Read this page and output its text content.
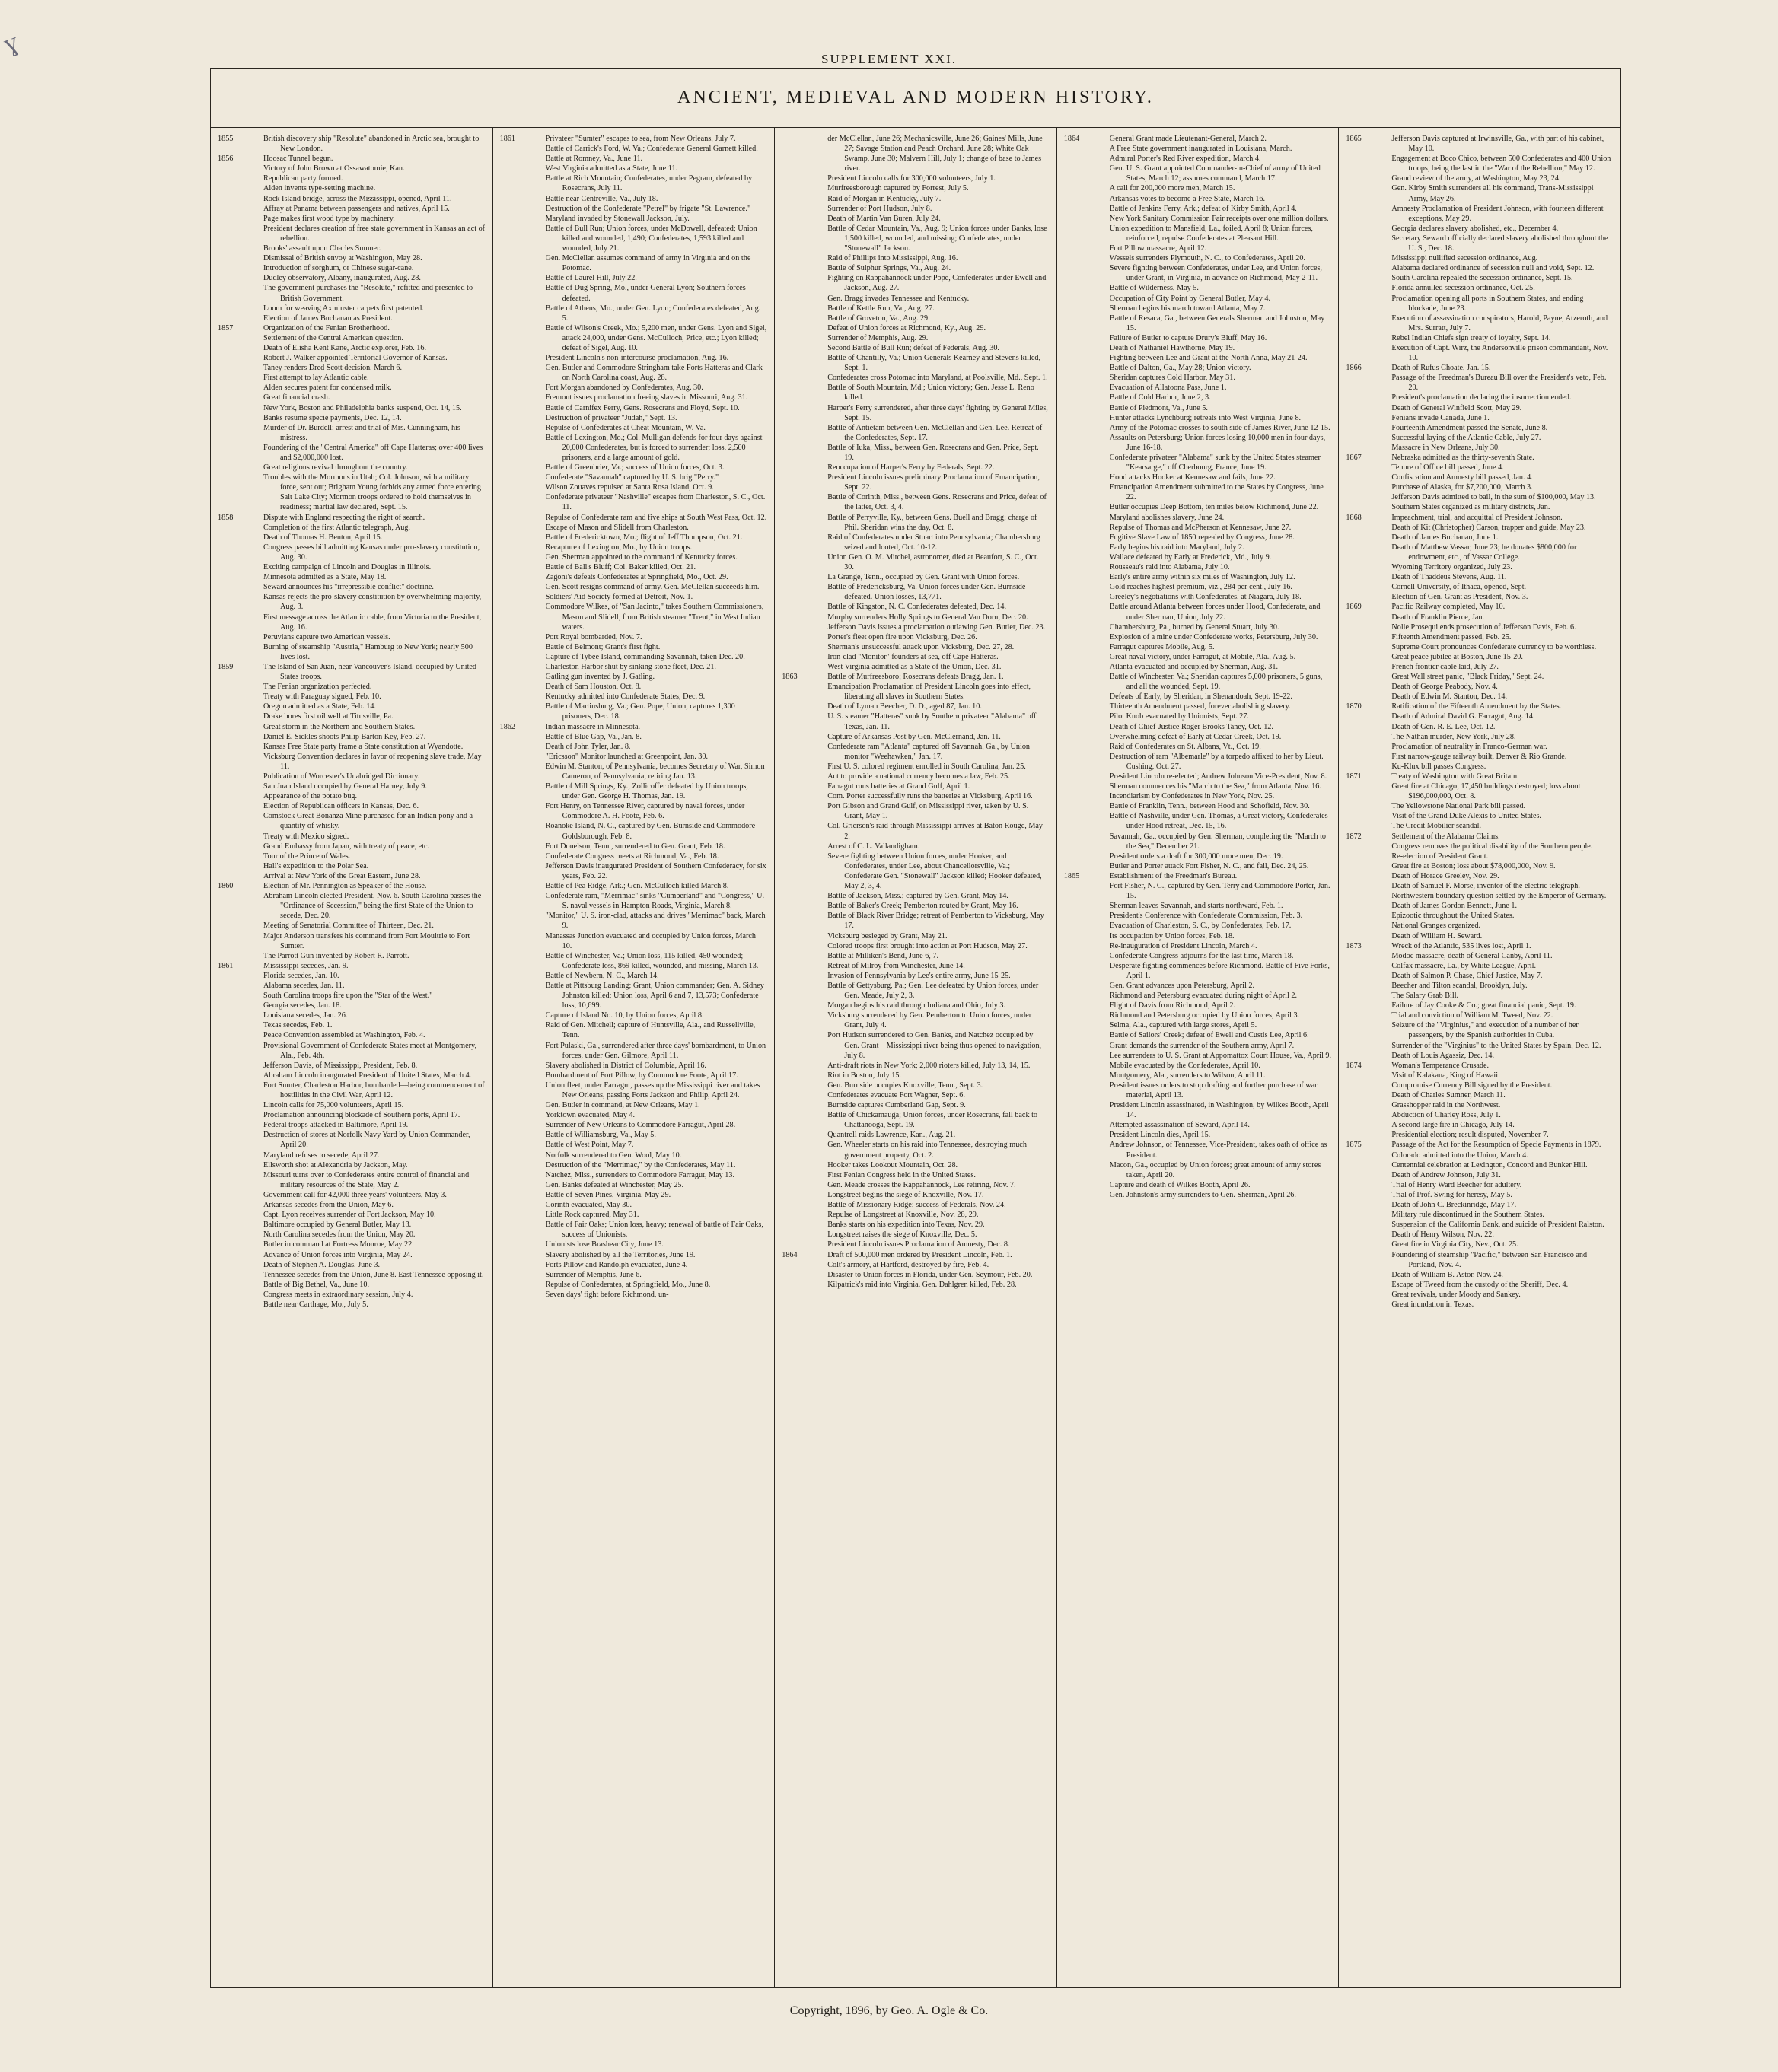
ɣ
SUPPLEMENT XXI.
ANCIENT, MEDIEVAL AND MODERN HISTORY.
1855	British discovery ship "Resolute" abandoned in Arctic sea, brought to New London.
1856	Hoosac Tunnel begun.
Victory of John Brown at Ossawatomie, Kan.
Republican party formed.
Alden invents type-setting machine.
Rock Island bridge, across the Mississippi, opened, April 11.
Affray at Panama between passengers and natives, April 15.
Page makes first wood type by machinery.
President declares creation of free state government in Kansas an act of rebellion.
Brooks' assault upon Charles Sumner.
Dismissal of British envoy at Washington, May 28.
Introduction of sorghum, or Chinese sugar-cane.
Dudley observatory, Albany, inaugurated, Aug. 28.
The government purchases the "Resolute," refitted and presented to British Government.
Loom for weaving Axminster carpets first patented.
Election of James Buchanan as President.
1857	Organization of the Fenian Brotherhood.
Settlement of the Central American question.
Death of Elisha Kent Kane, Arctic explorer, Feb. 16.
Robert J. Walker appointed Territorial Governor of Kansas.
Taney renders Dred Scott decision, March 6.
First attempt to lay Atlantic cable.
Alden secures patent for condensed milk.
Great financial crash.
New York, Boston and Philadelphia banks suspend, Oct. 14, 15.
Banks resume specie payments, Dec. 12, 14.
Murder of Dr. Burdell; arrest and trial of Mrs. Cunningham, his mistress.
Foundering of the "Central America" off Cape Hatteras; over 400 lives and $2,000,000 lost.
Great religious revival throughout the country.
Troubles with the Mormons in Utah; Col. Johnson, with a military force, sent out; Brigham Young forbids any armed force entering Salt Lake City; Mormon troops ordered to hold themselves in readiness; martial law declared, Sept. 15.
1858	Dispute with England respecting the right of search.
Completion of the first Atlantic telegraph, Aug.
Death of Thomas H. Benton, April 15.
Congress passes bill admitting Kansas under pro-slavery constitution, Aug. 30.
Exciting campaign of Lincoln and Douglas in Illinois.
Minnesota admitted as a State, May 18.
Seward announces his "irrepressible conflict" doctrine.
Kansas rejects the pro-slavery constitution by overwhelming majority, Aug. 3.
First message across the Atlantic cable, from Victoria to the President, Aug. 16.
Peruvians capture two American vessels.
Burning of steamship "Austria," Hamburg to New York; nearly 500 lives lost.
1859	The Island of San Juan, near Vancouver's Island, occupied by United States troops.
The Fenian organization perfected.
Treaty with Paraguay signed, Feb. 10.
Oregon admitted as a State, Feb. 14.
Drake bores first oil well at Titusville, Pa.
Great storm in the Northern and Southern States.
Daniel E. Sickles shoots Philip Barton Key, Feb. 27.
Kansas Free State party frame a State constitution at Wyandotte.
Vicksburg Convention declares in favor of reopening slave trade, May 11.
Publication of Worcester's Unabridged Dictionary.
San Juan Island occupied by General Harney, July 9.
Appearance of the potato bug.
Election of Republican officers in Kansas, Dec. 6.
Comstock Great Bonanza Mine purchased for an Indian pony and a quantity of whisky.
Treaty with Mexico signed.
Grand Embassy from Japan, with treaty of peace, etc.
Tour of the Prince of Wales.
Hall's expedition to the Polar Sea.
Arrival at New York of the Great Eastern, June 28.
1860	Election of Mr. Pennington as Speaker of the House.
Abraham Lincoln elected President, Nov. 6. South Carolina passes the "Ordinance of Secession," being the first State of the Union to secede, Dec. 20.
Meeting of Senatorial Committee of Thirteen, Dec. 21.
Major Anderson transfers his command from Fort Moultrie to Fort Sumter.
The Parrott Gun invented by Robert R. Parrott.
1861	Mississippi secedes, Jan. 9.
Florida secedes, Jan. 10.
Alabama secedes, Jan. 11.
South Carolina troops fire upon the "Star of the West."
Georgia secedes, Jan. 18.
Louisiana secedes, Jan. 26.
Texas secedes, Feb. 1.
Peace Convention assembled at Washington, Feb. 4.
Provisional Government of Confederate States meet at Montgomery, Ala., Feb. 4th.
Jefferson Davis, of Mississippi, President, Feb. 8.
Abraham Lincoln inaugurated President of United States, March 4.
Fort Sumter, Charleston Harbor, bombarded—being commencement of hostilities in the Civil War, April 12.
Lincoln calls for 75,000 volunteers, April 15.
Proclamation announcing blockade of Southern ports, April 17.
Federal troops attacked in Baltimore, April 19.
Destruction of stores at Norfolk Navy Yard by Union Commander, April 20.
Maryland refuses to secede, April 27.
Ellsworth shot at Alexandria by Jackson, May.
Missouri turns over to Confederates entire control of financial and military resources of the State, May 2.
Government call for 42,000 three years' volunteers, May 3.
Arkansas secedes from the Union, May 6.
Capt. Lyon receives surrender of Fort Jackson, May 10.
Baltimore occupied by General Butler, May 13.
North Carolina secedes from the Union, May 20.
Butler in command at Fortress Monroe, May 22.
Advance of Union forces into Virginia, May 24.
Death of Stephen A. Douglas, June 3.
Tennessee secedes from the Union, June 8. East Tennessee opposing it.
Battle of Big Bethel, Va., June 10.
Congress meets in extraordinary session, July 4.
Battle near Carthage, Mo., July 5.
1861	Privateer "Sumter" escapes to sea, from New Orleans, July 7.
Battle of Carrick's Ford, W. Va.; Confederate General Garnett killed.
Battle at Romney, Va., June 11.
West Virginia admitted as a State, June 11.
Battle at Rich Mountain; Confederates, under Pegram, defeated by Rosecrans, July 11.
Battle near Centreville, Va., July 18.
Destruction of the Confederate "Petrel" by frigate "St. Lawrence."
Maryland invaded by Stonewall Jackson, July.
Battle of Bull Run; Union forces, under McDowell, defeated; Union killed and wounded, 1,490; Confederates, 1,593 killed and wounded, July 21.
Gen. McClellan assumes command of army in Virginia and on the Potomac.
Battle of Laurel Hill, July 22.
Battle of Dug Spring, Mo., under General Lyon; Southern forces defeated.
Battle of Athens, Mo., under Gen. Lyon; Confederates defeated, Aug. 5.
Battle of Wilson's Creek, Mo.; 5,200 men, under Gens. Lyon and Sigel, attack 24,000, under Gens. McCulloch, Price, etc.; Lyon killed; defeat of Sigel, Aug. 10.
President Lincoln's non-intercourse proclamation, Aug. 16.
Gen. Butler and Commodore Stringham take Forts Hatteras and Clark on North Carolina coast, Aug. 28.
Fort Morgan abandoned by Confederates, Aug. 30.
Fremont issues proclamation freeing slaves in Missouri, Aug. 31.
Battle of Carnifex Ferry, Gens. Rosecrans and Floyd, Sept. 10.
Destruction of privateer "Judah," Sept. 13.
Repulse of Confederates at Cheat Mountain, W. Va.
Battle of Lexington, Mo.; Col. Mulligan defends for four days against 20,000 Confederates, but is forced to surrender; loss, 2,500 prisoners, and a large amount of gold.
Battle of Greenbrier, Va.; success of Union forces, Oct. 3.
Confederate "Savannah" captured by U. S. brig "Perry."
Wilson Zouaves repulsed at Santa Rosa Island, Oct. 9.
Confederate privateer "Nashville" escapes from Charleston, S. C., Oct. 11.
Repulse of Confederate ram and five ships at South West Pass, Oct. 12.
Escape of Mason and Slidell from Charleston.
Battle of Fredericktown, Mo.; flight of Jeff Thompson, Oct. 21.
Recapture of Lexington, Mo., by Union troops.
Gen. Sherman appointed to the command of Kentucky forces.
Battle of Ball's Bluff; Col. Baker killed, Oct. 21.
Zagoni's defeats Confederates at Springfield, Mo., Oct. 29.
Gen. Scott resigns command of army. Gen. McClellan succeeds him.
Soldiers' Aid Society formed at Detroit, Nov. 1.
Commodore Wilkes, of "San Jacinto," takes Southern Commissioners, Mason and Slidell, from British steamer "Trent," in West Indian waters.
Port Royal bombarded, Nov. 7.
Battle of Belmont; Grant's first fight.
Capture of Tybee Island, commanding Savannah, taken Dec. 20.
Charleston Harbor shut by sinking stone fleet, Dec. 21.
Gatling gun invented by J. Gatling.
Death of Sam Houston, Oct. 8.
Kentucky admitted into Confederate States, Dec. 9.
Battle of Martinsburg, Va.; Gen. Pope, Union, captures 1,300 prisoners, Dec. 18.
1862	Indian massacre in Minnesota.
Battle of Blue Gap, Va., Jan. 8.
Death of John Tyler, Jan. 8.
"Ericsson" Monitor launched at Greenpoint, Jan. 30.
Edwin M. Stanton, of Pennsylvania, becomes Secretary of War, Simon Cameron, of Pennsylvania, retiring Jan. 13.
Battle of Mill Springs, Ky.; Zollicoffer defeated by Union troops, under Gen. George H. Thomas, Jan. 19.
Fort Henry, on Tennessee River, captured by naval forces, under Commodore A. H. Foote, Feb. 6.
Roanoke Island, N. C., captured by Gen. Burnside and Commodore Goldsborough, Feb. 8.
Fort Donelson, Tenn., surrendered to Gen. Grant, Feb. 18.
Confederate Congress meets at Richmond, Va., Feb. 18.
Jefferson Davis inaugurated President of Southern Confederacy, for six years, Feb. 22.
Battle of Pea Ridge, Ark.; Gen. McCulloch killed March 8.
Confederate ram, "Merrimac" sinks "Cumberland" and "Congress," U. S. naval vessels in Hampton Roads, Virginia, March 8.
"Monitor," U. S. iron-clad, attacks and drives "Merrimac" back, March 9.
Manassas Junction evacuated and occupied by Union forces, March 10.
Battle of Winchester, Va.; Union loss, 115 killed, 450 wounded; Confederate loss, 869 killed, wounded, and missing, March 13.
Battle of Newbern, N. C., March 14.
Battle at Pittsburg Landing; Grant, Union commander; Gen. A. Sidney Johnston killed; Union loss, April 6 and 7, 13,573; Confederate loss, 10,699.
Capture of Island No. 10, by Union forces, April 8.
Raid of Gen. Mitchell; capture of Huntsville, Ala., and Russellville, Tenn.
Fort Pulaski, Ga., surrendered after three days' bombardment, to Union forces, under Gen. Gilmore, April 11.
Slavery abolished in District of Columbia, April 16.
Bombardment of Fort Pillow, by Commodore Foote, April 17.
Union fleet, under Farragut, passes up the Mississippi river and takes New Orleans, passing Forts Jackson and Philip, April 24.
Gen. Butler in command, at New Orleans, May 1.
Yorktown evacuated, May 4.
Surrender of New Orleans to Commodore Farragut, April 28.
Battle of Williamsburg, Va., May 5.
Battle of West Point, May 7.
Norfolk surrendered to Gen. Wool, May 10.
Destruction of the "Merrimac," by the Confederates, May 11.
Natchez, Miss., surrenders to Commodore Farragut, May 13.
Gen. Banks defeated at Winchester, May 25.
Battle of Seven Pines, Virginia, May 29.
Corinth evacuated, May 30.
Little Rock captured, May 31.
Battle of Fair Oaks; Union loss, heavy; renewal of battle of Fair Oaks, success of Unionists.
Unionists lose Brashear City, June 13.
Slavery abolished by all the Territories, June 19.
Forts Pillow and Randolph evacuated, June 4.
Surrender of Memphis, June 6.
Repulse of Confederates, at Springfield, Mo., June 8.
Seven days' fight before Richmond, un-
der McClellan, June 26; Mechanicsville, June 26; Gaines' Mills, June 27; Savage Station and Peach Orchard, June 28; White Oak Swamp, June 30; Malvern Hill, July 1; change of base to James river.
President Lincoln calls for 300,000 volunteers, July 1.
Murfreesborough captured by Forrest, July 5.
Raid of Morgan in Kentucky, July 7.
Surrender of Port Hudson, July 8.
Death of Martin Van Buren, July 24.
Battle of Cedar Mountain, Va., Aug. 9; Union forces under Banks, lose 1,500 killed, wounded, and missing; Confederates, under "Stonewall" Jackson.
Raid of Phillips into Mississippi, Aug. 16.
Battle of Sulphur Springs, Va., Aug. 24.
Fighting on Rappahannock under Pope, Confederates under Ewell and Jackson, Aug. 27.
Gen. Bragg invades Tennessee and Kentucky.
Battle of Kettle Run, Va., Aug. 27.
Battle of Groveton, Va., Aug. 29.
Defeat of Union forces at Richmond, Ky., Aug. 29.
Surrender of Memphis, Aug. 29.
Second Battle of Bull Run; defeat of Federals, Aug. 30.
Battle of Chantilly, Va.; Union Generals Kearney and Stevens killed, Sept. 1.
Confederates cross Potomac into Maryland, at Poolsville, Md., Sept. 1.
Battle of South Mountain, Md.; Union victory; Gen. Jesse L. Reno killed.
Harper's Ferry surrendered, after three days' fighting by General Miles, Sept. 15.
Battle of Antietam between Gen. McClellan and Gen. Lee. Retreat of the Confederates, Sept. 17.
Battle of Iuka, Miss., between Gen. Rosecrans and Gen. Price, Sept. 19.
Reoccupation of Harper's Ferry by Federals, Sept. 22.
President Lincoln issues preliminary Proclamation of Emancipation, Sept. 22.
Battle of Corinth, Miss., between Gens. Rosecrans and Price, defeat of the latter, Oct. 3, 4.
Battle of Perryville, Ky., between Gens. Buell and Bragg; charge of Phil. Sheridan wins the day, Oct. 8.
Raid of Confederates under Stuart into Pennsylvania; Chambersburg seized and looted, Oct. 10-12.
Union Gen. O. M. Mitchel, astronomer, died at Beaufort, S. C., Oct. 30.
La Grange, Tenn., occupied by Gen. Grant with Union forces.
Battle of Fredericksburg, Va. Union forces under Gen. Burnside defeated. Union losses, 13,771.
Battle of Kingston, N. C. Confederates defeated, Dec. 14.
Murphy surrenders Holly Springs to General Van Dorn, Dec. 20.
Jefferson Davis issues a proclamation outlawing Gen. Butler, Dec. 23.
Porter's fleet open fire upon Vicksburg, Dec. 26.
Sherman's unsuccessful attack upon Vicksburg, Dec. 27, 28.
Iron-clad "Monitor" founders at sea, off Cape Hatteras.
West Virginia admitted as a State of the Union, Dec. 31.
1863	Battle of Murfreesboro; Rosecrans defeats Bragg, Jan. 1.
Emancipation Proclamation of President Lincoln goes into effect, liberating all slaves in Southern States.
Death of Lyman Beecher, D. D., aged 87, Jan. 10.
U. S. steamer "Hatteras" sunk by Southern privateer "Alabama" off Texas, Jan. 11.
Capture of Arkansas Post by Gen. McClernand, Jan. 11.
Confederate ram "Atlanta" captured off Savannah, Ga., by Union monitor "Weehawken," Jan. 17.
First U. S. colored regiment enrolled in South Carolina, Jan. 25.
Act to provide a national currency becomes a law, Feb. 25.
Farragut runs batteries at Grand Gulf, April 1.
Com. Porter successfully runs the batteries at Vicksburg, April 16.
Port Gibson and Grand Gulf, on Mississippi river, taken by U. S. Grant, May 1.
Col. Grierson's raid through Mississippi arrives at Baton Rouge, May 2.
Arrest of C. L. Vallandigham.
Severe fighting between Union forces, under Hooker, and Confederates, under Lee, about Chancellorsville, Va.; Confederate Gen. "Stonewall" Jackson killed; Hooker defeated, May 2, 3, 4.
Battle of Jackson, Miss.; captured by Gen. Grant, May 14.
Battle of Baker's Creek; Pemberton routed by Grant, May 16.
Battle of Black River Bridge; retreat of Pemberton to Vicksburg, May 17.
Vicksburg besieged by Grant, May 21.
Colored troops first brought into action at Port Hudson, May 27.
Battle at Milliken's Bend, June 6, 7.
Retreat of Milroy from Winchester, June 14.
Invasion of Pennsylvania by Lee's entire army, June 15-25.
Battle of Gettysburg, Pa.; Gen. Lee defeated by Union forces, under Gen. Meade, July 2, 3.
Morgan begins his raid through Indiana and Ohio, July 3.
Vicksburg surrendered by Gen. Pemberton to Union forces, under Grant, July 4.
Port Hudson surrendered to Gen. Banks, and Natchez occupied by Gen. Grant—Mississippi river being thus opened to navigation, July 8.
Anti-draft riots in New York; 2,000 rioters killed, July 13, 14, 15.
Riot in Boston, July 15.
Gen. Burnside occupies Knoxville, Tenn., Sept. 3.
Confederates evacuate Fort Wagner, Sept. 6.
Burnside captures Cumberland Gap, Sept. 9.
Battle of Chickamauga; Union forces, under Rosecrans, fall back to Chattanooga, Sept. 19.
Quantrell raids Lawrence, Kan., Aug. 21.
Gen. Wheeler starts on his raid into Tennessee, destroying much government property, Oct. 2.
Hooker takes Lookout Mountain, Oct. 28.
First Fenian Congress held in the United States.
Gen. Meade crosses the Rappahannock, Lee retiring, Nov. 7.
Longstreet begins the siege of Knoxville, Nov. 17.
Battle of Missionary Ridge; success of Federals, Nov. 24.
Repulse of Longstreet at Knoxville, Nov. 28, 29.
Banks starts on his expedition into Texas, Nov. 29.
Longstreet raises the siege of Knoxville, Dec. 5.
President Lincoln issues Proclamation of Amnesty, Dec. 8.
1864	Draft of 500,000 men ordered by President Lincoln, Feb. 1.
Colt's armory, at Hartford, destroyed by fire, Feb. 4.
Disaster to Union forces in Florida, under Gen. Seymour, Feb. 20.
Kilpatrick's raid into Virginia. Gen. Dahlgren killed, Feb. 28.
1864	General Grant made Lieutenant-General, March 2.
A Free State government inaugurated in Louisiana, March.
Admiral Porter's Red River expedition, March 4.
Gen. U. S. Grant appointed Commander-in-Chief of army of United States, March 12; assumes command, March 17.
A call for 200,000 more men, March 15.
Arkansas votes to become a Free State, March 16.
Battle of Jenkins Ferry, Ark.; defeat of Kirby Smith, April 4.
New York Sanitary Commission Fair receipts over one million dollars.
Union expedition to Mansfield, La., foiled, April 8; Union forces, reinforced, repulse Confederates at Pleasant Hill.
Fort Pillow massacre, April 12.
Wessels surrenders Plymouth, N. C., to Confederates, April 20.
Severe fighting between Confederates, under Lee, and Union forces, under Grant, in Virginia, in advance on Richmond, May 2-11.
Battle of Wilderness, May 5.
Occupation of City Point by General Butler, May 4.
Sherman begins his march toward Atlanta, May 7.
Battle of Resaca, Ga., between Generals Sherman and Johnston, May 15.
Failure of Butler to capture Drury's Bluff, May 16.
Death of Nathaniel Hawthorne, May 19.
Fighting between Lee and Grant at the North Anna, May 21-24.
Battle of Dalton, Ga., May 28; Union victory.
Sheridan captures Cold Harbor, May 31.
Evacuation of Allatoona Pass, June 1.
Battle of Cold Harbor, June 2, 3.
Battle of Piedmont, Va., June 5.
Hunter attacks Lynchburg; retreats into West Virginia, June 8.
Army of the Potomac crosses to south side of James River, June 12-15.
Assaults on Petersburg; Union forces losing 10,000 men in four days, June 16-18.
Confederate privateer "Alabama" sunk by the United States steamer "Kearsarge," off Cherbourg, France, June 19.
Hood attacks Hooker at Kennesaw and fails, June 22.
Emancipation Amendment submitted to the States by Congress, June 22.
Butler occupies Deep Bottom, ten miles below Richmond, June 22.
Maryland abolishes slavery, June 24.
Repulse of Thomas and McPherson at Kennesaw, June 27.
Fugitive Slave Law of 1850 repealed by Congress, June 28.
Early begins his raid into Maryland, July 2.
Wallace defeated by Early at Frederick, Md., July 9.
Rousseau's raid into Alabama, July 10.
Early's entire army within six miles of Washington, July 12.
Gold reaches highest premium, viz., 284 per cent., July 16.
Greeley's negotiations with Confederates, at Niagara, July 18.
Battle around Atlanta between forces under Hood, Confederate, and under Sherman, Union, July 22.
Chambersburg, Pa., burned by General Stuart, July 30.
Explosion of a mine under Confederate works, Petersburg, July 30.
Farragut captures Mobile, Aug. 5.
Great naval victory, under Farragut, at Mobile, Ala., Aug. 5.
Atlanta evacuated and occupied by Sherman, Aug. 31.
Battle of Winchester, Va.; Sheridan captures 5,000 prisoners, 5 guns, and all the wounded, Sept. 19.
Defeats of Early, by Sheridan, in Shenandoah, Sept. 19-22.
Thirteenth Amendment passed, forever abolishing slavery.
Pilot Knob evacuated by Unionists, Sept. 27.
Death of Chief-Justice Roger Brooks Taney, Oct. 12.
Overwhelming defeat of Early at Cedar Creek, Oct. 19.
Raid of Confederates on St. Albans, Vt., Oct. 19.
Destruction of ram "Albemarle" by a torpedo affixed to her by Lieut. Cushing, Oct. 27.
President Lincoln re-elected; Andrew Johnson Vice-President, Nov. 8.
Sherman commences his "March to the Sea," from Atlanta, Nov. 16.
Incendiarism by Confederates in New York, Nov. 25.
Battle of Franklin, Tenn., between Hood and Schofield, Nov. 30.
Battle of Nashville, under Gen. Thomas, a Great victory, Confederates under Hood retreat, Dec. 15, 16.
Savannah, Ga., occupied by Gen. Sherman, completing the "March to the Sea," December 21.
President orders a draft for 300,000 more men, Dec. 19.
Butler and Porter attack Fort Fisher, N. C., and fail, Dec. 24, 25.
1865	Establishment of the Freedman's Bureau.
Fort Fisher, N. C., captured by Gen. Terry and Commodore Porter, Jan. 15.
Sherman leaves Savannah, and starts northward, Feb. 1.
President's Conference with Confederate Commission, Feb. 3.
Evacuation of Charleston, S. C., by Confederates, Feb. 17.
Its occupation by Union forces, Feb. 18.
Re-inauguration of President Lincoln, March 4.
Confederate Congress adjourns for the last time, March 18.
Desperate fighting commences before Richmond. Battle of Five Forks, April 1.
Gen. Grant advances upon Petersburg, April 2.
Richmond and Petersburg evacuated during night of April 2.
Flight of Davis from Richmond, April 2.
Richmond and Petersburg occupied by Union forces, April 3.
Selma, Ala., captured with large stores, April 5.
Battle of Sailors' Creek; defeat of Ewell and Custis Lee, April 6.
Grant demands the surrender of the Southern army, April 7.
Lee surrenders to U. S. Grant at Appomattox Court House, Va., April 9.
Mobile evacuated by the Confederates, April 10.
Montgomery, Ala., surrenders to Wilson, April 11.
President issues orders to stop drafting and further purchase of war material, April 13.
President Lincoln assassinated, in Washington, by Wilkes Booth, April 14.
Attempted assassination of Seward, April 14.
President Lincoln dies, April 15.
Andrew Johnson, of Tennessee, Vice-President, takes oath of office as President.
Macon, Ga., occupied by Union forces; great amount of army stores taken, April 20.
Capture and death of Wilkes Booth, April 26.
Gen. Johnston's army surrenders to Gen. Sherman, April 26.
1865	Jefferson Davis captured at Irwinsville, Ga., with part of his cabinet, May 10.
Engagement at Boco Chico, between 500 Confederates and 400 Union troops, being the last in the "War of the Rebellion," May 12.
Grand review of the army, at Washington, May 23, 24.
Gen. Kirby Smith surrenders all his command, Trans-Mississippi Army, May 26.
Amnesty Proclamation of President Johnson, with fourteen different exceptions, May 29.
Georgia declares slavery abolished, etc., December 4.
Secretary Seward officially declared slavery abolished throughout the U. S., Dec. 18.
Mississippi nullified secession ordinance, Aug.
Alabama declared ordinance of secession null and void, Sept. 12.
South Carolina repealed the secession ordinance, Sept. 15.
Florida annulled secession ordinance, Oct. 25.
Proclamation opening all ports in Southern States, and ending blockade, June 23.
Execution of assassination conspirators, Harold, Payne, Atzeroth, and Mrs. Surratt, July 7.
Rebel Indian Chiefs sign treaty of loyalty, Sept. 14.
Execution of Capt. Wirz, the Andersonville prison commandant, Nov. 10.
1866	Death of Rufus Choate, Jan. 15.
Passage of the Freedman's Bureau Bill over the President's veto, Feb. 20.
President's proclamation declaring the insurrection ended.
Death of General Winfield Scott, May 29.
Fenians invade Canada, June 1.
Fourteenth Amendment passed the Senate, June 8.
Successful laying of the Atlantic Cable, July 27.
Massacre in New Orleans, July 30.
1867	Nebraska admitted as the thirty-seventh State.
Tenure of Office bill passed, June 4.
Confiscation and Amnesty bill passed, Jan. 4.
Purchase of Alaska, for $7,200,000, March 3.
Jefferson Davis admitted to bail, in the sum of $100,000, May 13.
Southern States organized as military districts, Jan.
1868	Impeachment, trial, and acquittal of President Johnson.
Death of Kit (Christopher) Carson, trapper and guide, May 23.
Death of James Buchanan, June 1.
Death of Matthew Vassar, June 23; he donates $800,000 for endowment, etc., of Vassar College.
Wyoming Territory organized, July 23.
Death of Thaddeus Stevens, Aug. 11.
Cornell University, of Ithaca, opened, Sept.
Election of Gen. Grant as President, Nov. 3.
1869	Pacific Railway completed, May 10.
Death of Franklin Pierce, Jan.
Nolle Prosequi ends prosecution of Jefferson Davis, Feb. 6.
Fifteenth Amendment passed, Feb. 25.
Supreme Court pronounces Confederate currency to be worthless.
Great peace jubilee at Boston, June 15-20.
French frontier cable laid, July 27.
Great Wall street panic, "Black Friday," Sept. 24.
Death of George Peabody, Nov. 4.
Death of Edwin M. Stanton, Dec. 14.
1870	Ratification of the Fifteenth Amendment by the States.
Death of Admiral David G. Farragut, Aug. 14.
Death of Gen. R. E. Lee, Oct. 12.
The Nathan murder, New York, July 28.
Proclamation of neutrality in Franco-German war.
First narrow-gauge railway built, Denver & Rio Grande.
Ku-Klux bill passes Congress.
1871	Treaty of Washington with Great Britain.
Great fire at Chicago; 17,450 buildings destroyed; loss about $196,000,000, Oct. 8.
The Yellowstone National Park bill passed.
Visit of the Grand Duke Alexis to United States.
The Credit Mobilier scandal.
1872	Settlement of the Alabama Claims.
Congress removes the political disability of the Southern people.
Re-election of President Grant.
Great fire at Boston; loss about $78,000,000, Nov. 9.
Death of Horace Greeley, Nov. 29.
Death of Samuel F. Morse, inventor of the electric telegraph.
Northwestern boundary question settled by the Emperor of Germany.
Death of James Gordon Bennett, June 1.
Epizootic throughout the United States.
National Granges organized.
Death of William H. Seward.
1873	Wreck of the Atlantic, 535 lives lost, April 1.
Modoc massacre, death of General Canby, April 11.
Colfax massacre, La., by White League, April.
Death of Salmon P. Chase, Chief Justice, May 7.
Beecher and Tilton scandal, Brooklyn, July.
The Salary Grab Bill.
Failure of Jay Cooke & Co.; great financial panic, Sept. 19.
Trial and conviction of William M. Tweed, Nov. 22.
Seizure of the "Virginius," and execution of a number of her passengers, by the Spanish authorities in Cuba.
Surrender of the "Virginius" to the United States by Spain, Dec. 12.
Death of Louis Agassiz, Dec. 14.
1874	Woman's Temperance Crusade.
Visit of Kalakaua, King of Hawaii.
Compromise Currency Bill signed by the President.
Death of Charles Sumner, March 11.
Grasshopper raid in the Northwest.
Abduction of Charley Ross, July 1.
A second large fire in Chicago, July 14.
Presidential election; result disputed, November 7.
1875	Passage of the Act for the Resumption of Specie Payments in 1879.
Colorado admitted into the Union, March 4.
Centennial celebration at Lexington, Concord and Bunker Hill.
Death of Andrew Johnson, July 31.
Trial of Henry Ward Beecher for adultery.
Trial of Prof. Swing for heresy, May 5.
Death of John C. Breckinridge, May 17.
Military rule discontinued in the Southern States.
Suspension of the California Bank, and suicide of President Ralston.
Death of Henry Wilson, Nov. 22.
Great fire in Virginia City, Nev., Oct. 25.
Foundering of steamship "Pacific," between San Francisco and Portland, Nov. 4.
Death of William B. Astor, Nov. 24.
Escape of Tweed from the custody of the Sheriff, Dec. 4.
Great revivals, under Moody and Sankey.
Great inundation in Texas.
Copyright, 1896, by Geo. A. Ogle & Co.
